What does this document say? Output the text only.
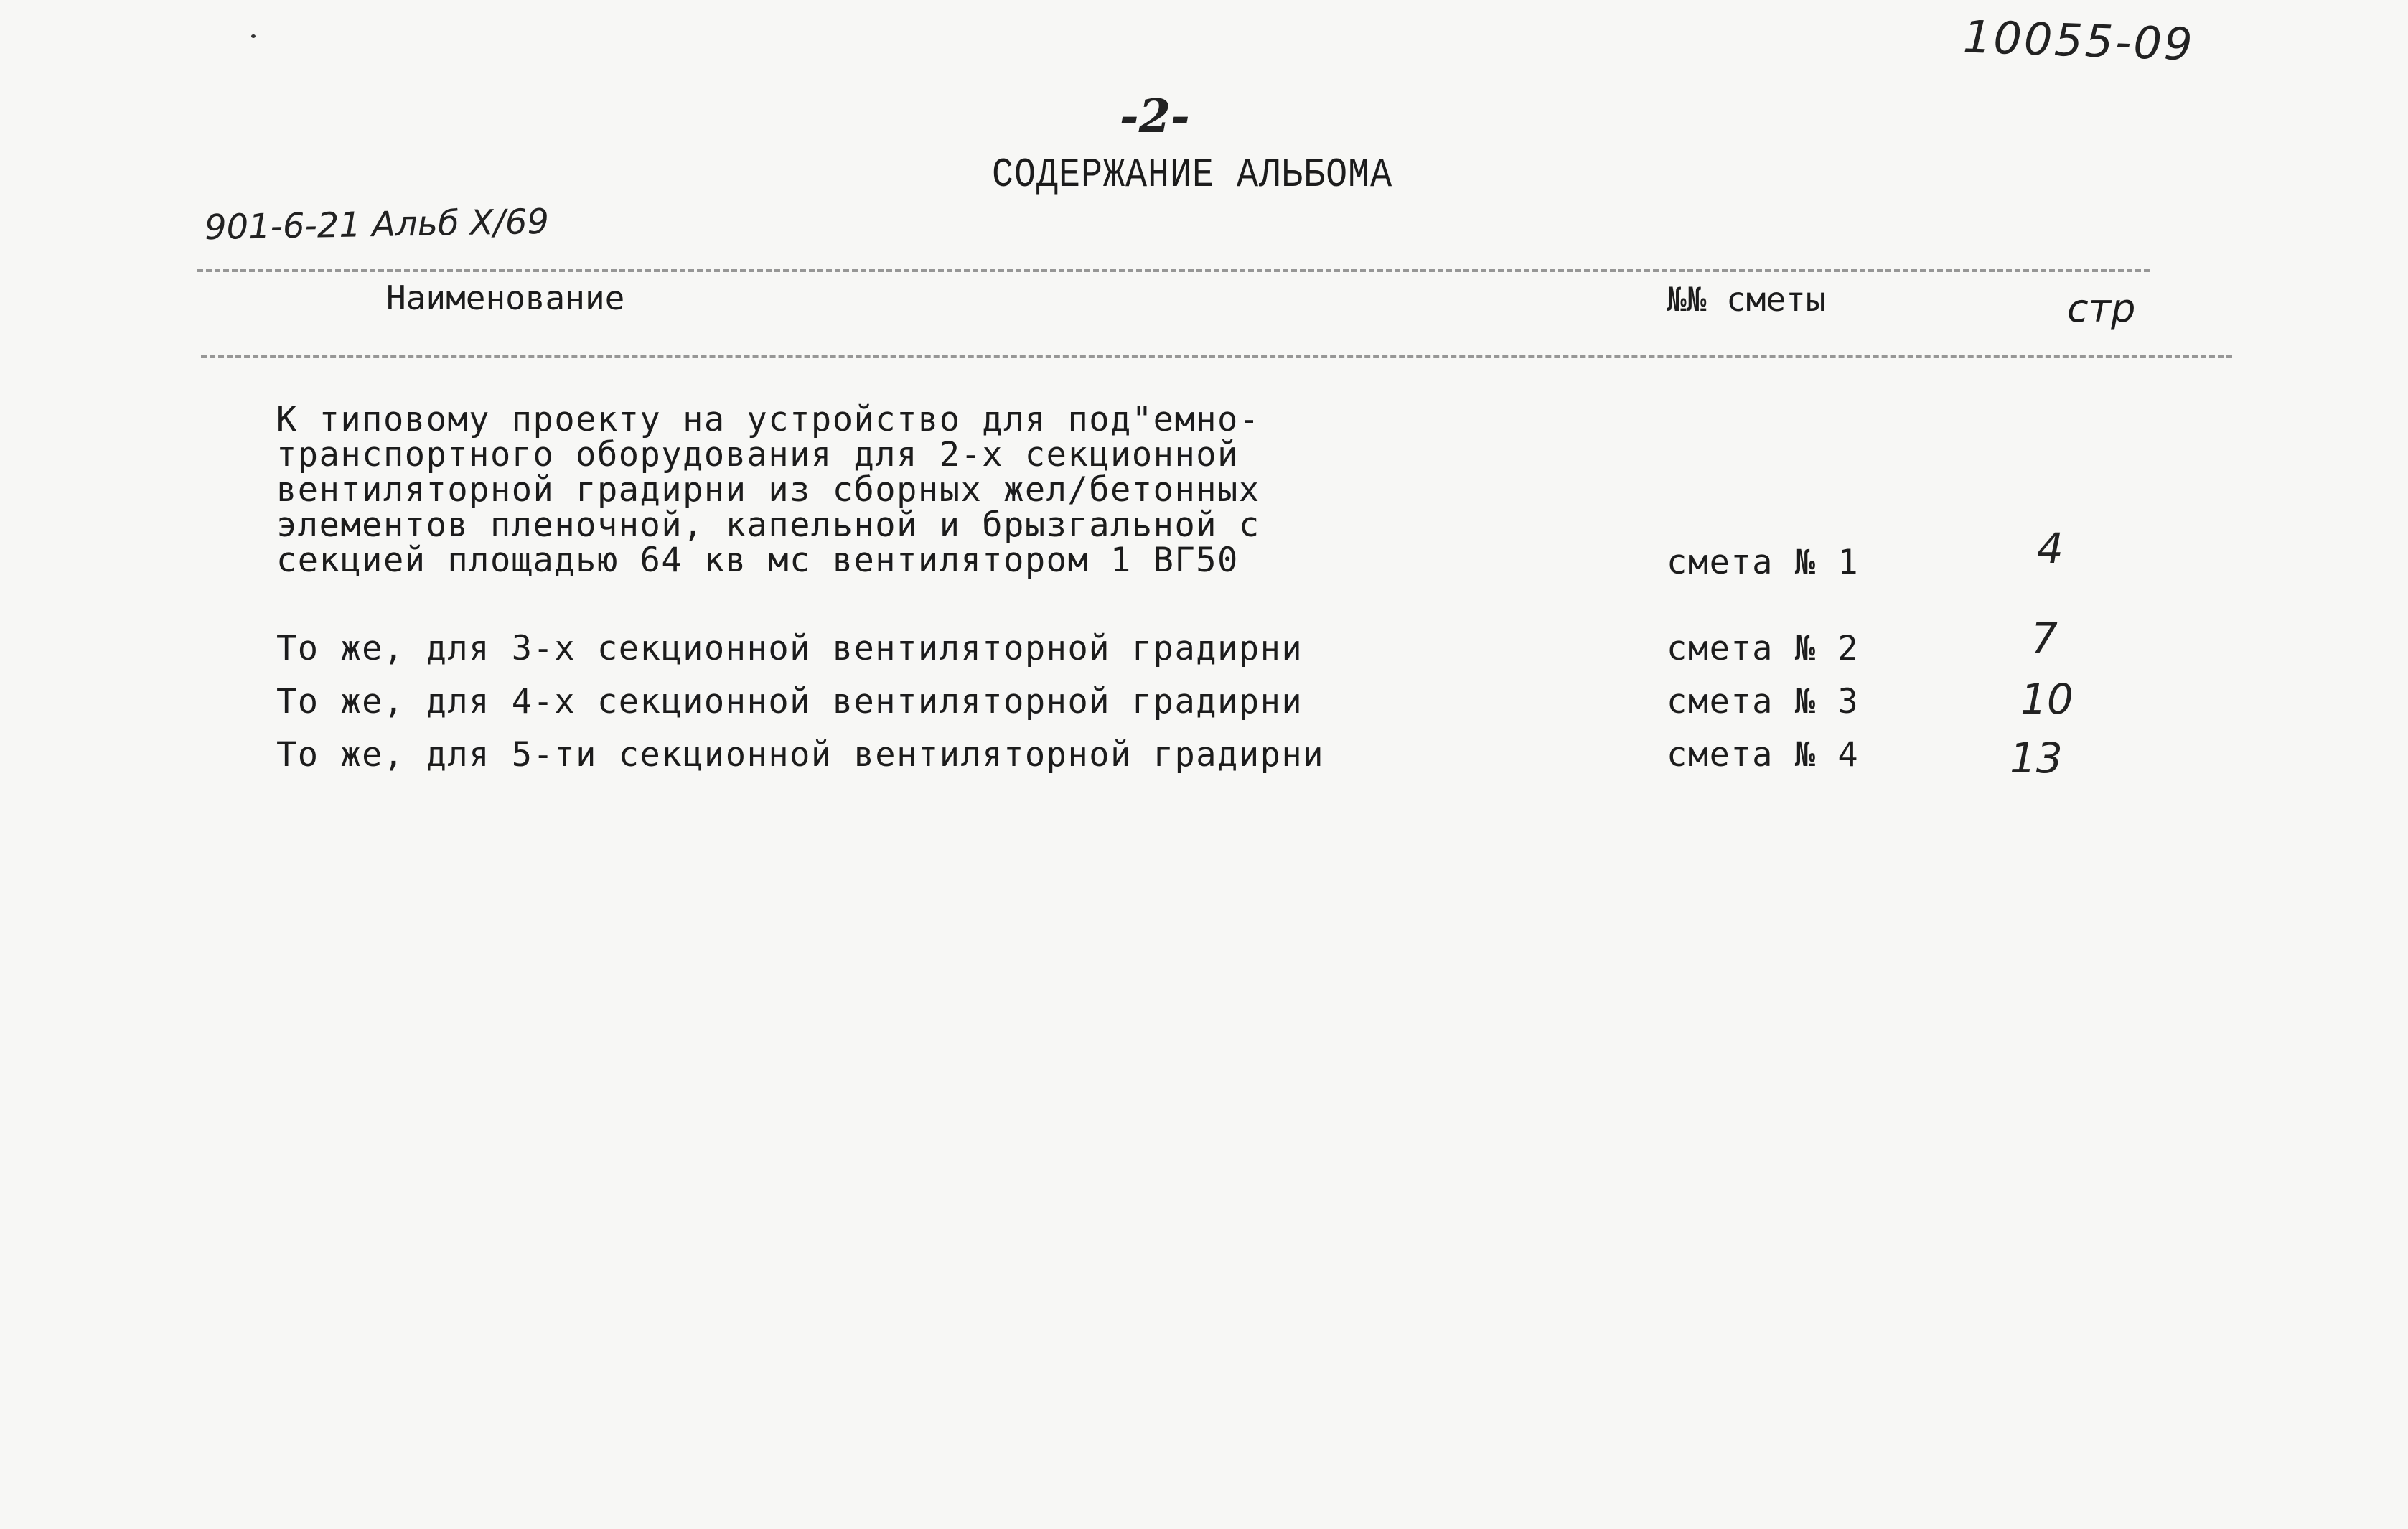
10055-09
-2-
СОДЕРЖАНИЕ АЛЬБОМА
901-6-21 Альб X/69
Наименование	№№ сметы	стр
К типовому проекту на устройство для под"емно-
транспортного оборудования для 2-х секционной
вентиляторной градирни из сборных жел/бетонных
элементов пленочной, капельной и брызгальной с
секцией площадью 64 кв мс вентилятором 1 ВГ50	смета № 1	4
То же, для 3-х секционной вентиляторной градирни	смета № 2	7
То же, для 4-х секционной вентиляторной градирни	смета № 3	10
То же, для 5-ти секционной вентиляторной градирни	смета № 4	13
